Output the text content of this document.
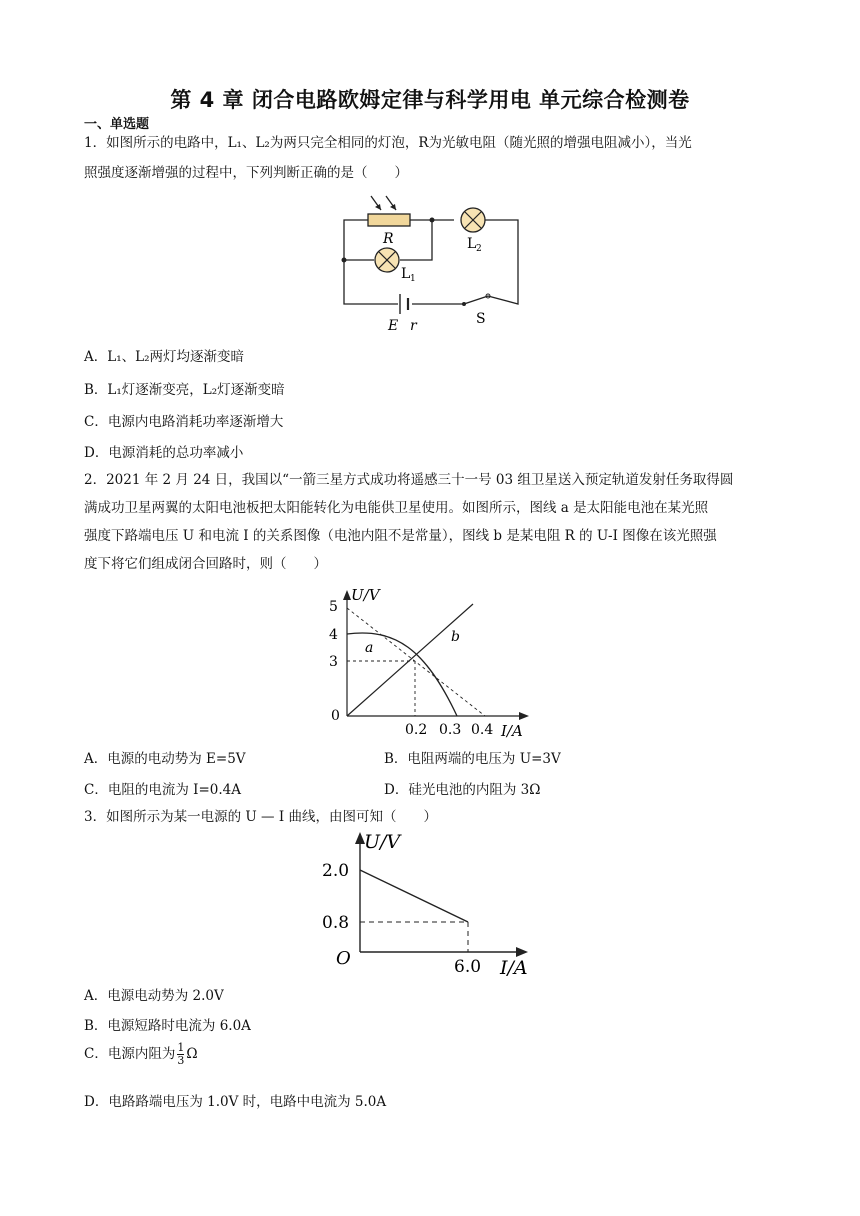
第 4 章 闭合电路欧姆定律与科学用电 单元综合检测卷
一、单选题
1．如图所示的电路中，L₁、L₂为两只完全相同的灯泡，R为光敏电阻（随光照的增强电阻减小），当光
照强度逐渐增强的过程中，下列判断正确的是（　　）
R
L 1
L 2
E r	S
A．L₁、L₂两灯均逐渐变暗
B．L₁灯逐渐变亮，L₂灯逐渐变暗
C．电源内电路消耗功率逐渐增大
D．电源消耗的总功率减小
2．2021 年 2 月 24 日，我国以“一箭三星方式成功将遥感三十一号 03 组卫星送入预定轨道发射任务取得圆
满成功卫星两翼的太阳电池板把太阳能转化为电能供卫星使用。如图所示，图线 a 是太阳能电池在某光照
强度下路端电压 U 和电流 I 的关系图像（电池内阻不是常量），图线 b 是某电阻 R 的 U-I 图像在该光照强
度下将它们组成闭合回路时，则（　　）
5
4
3
0
0.2 0.3 0.4
U/V
I/A
a
b
A．电源的电动势为 E=5V	B．电阻两端的电压为 U=3V
C．电阻的电流为 I=0.4A	D．硅光电池的内阻为 3Ω
3．如图所示为某一电源的 U — I 曲线，由图可知（　　）
2.0
0.8
O	6.0
U/V
I/A
A．电源电动势为 2.0V
B．电源短路时电流为 6.0A
C．电源内阻为 $\frac{1}{3}$ Ω
D．电路路端电压为 1.0V 时，电路中电流为 5.0A
